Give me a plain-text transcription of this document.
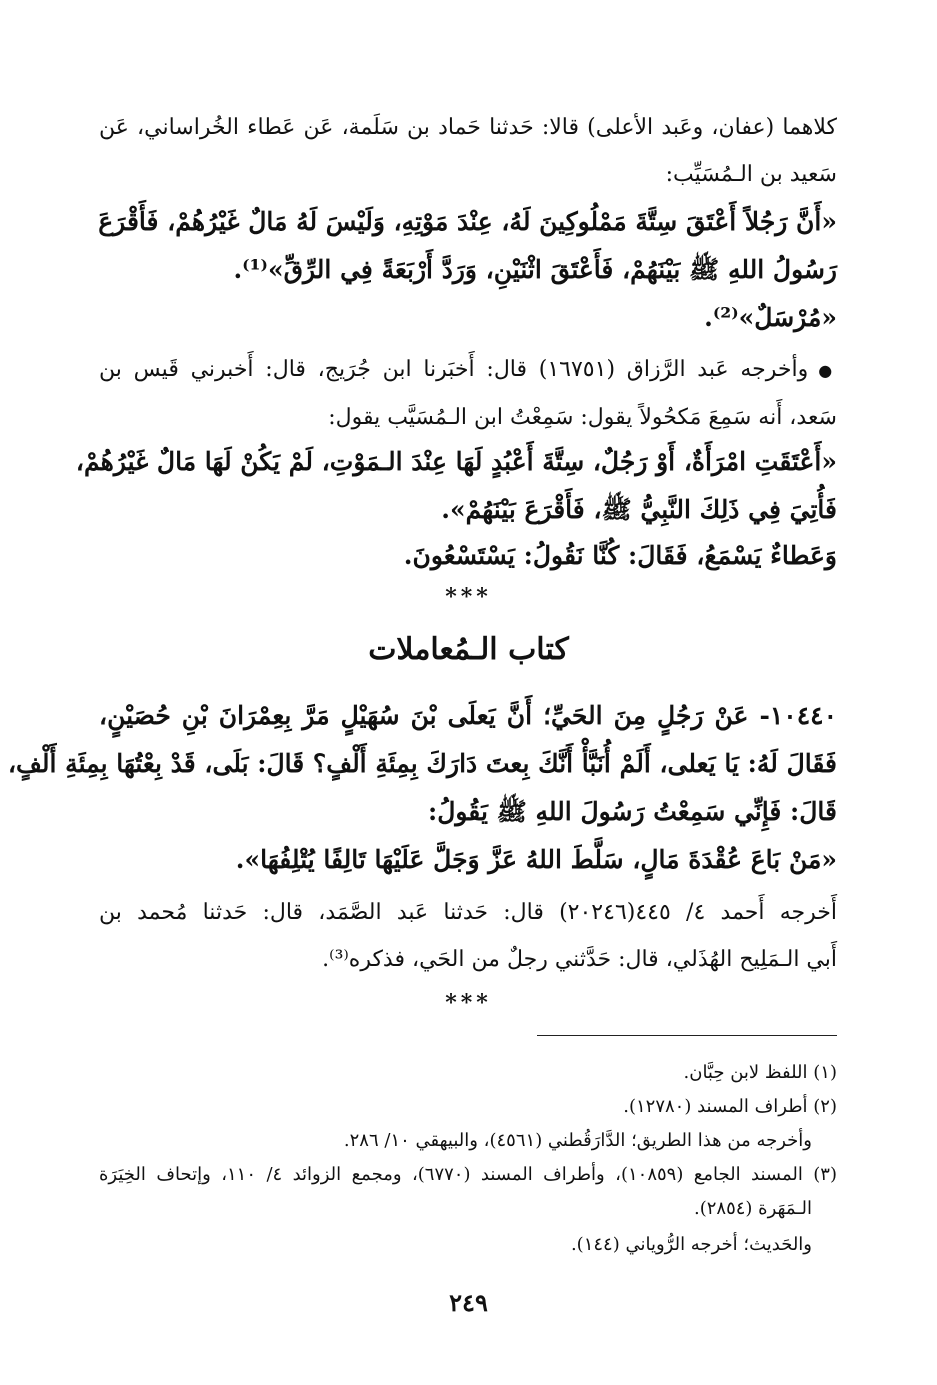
كلاهما (عفان، وعَبد الأعلى) قالا: حَدثنا حَماد بن سَلَمة، عَن عَطاء الخُراساني، عَن
سَعيد بن الـمُسَيِّب:
«أَنَّ رَجُلاً أَعْتَقَ سِتَّةَ مَمْلُوكِينَ لَهُ، عِنْدَ مَوْتِهِ، وَلَيْسَ لَهُ مَالٌ غَيْرُهُمْ، فَأَقْرَعَ
رَسُولُ اللهِ ﷺ بَيْنَهُمْ، فَأَعْتَقَ اثْنَيْنِ، وَرَدَّ أَرْبَعَةً فِي الرِّقِّ»⁽¹⁾.
«مُرْسَلٌ»⁽²⁾.
●وأخرجه عَبد الرَّزاق (١٦٧٥١) قال: أَخبَرنا ابن جُرَيج، قال: أَخبرني قَيس بن
سَعد، أَنه سَمِعَ مَكحُولاً يقول: سَمِعْتُ ابن الـمُسَيَّب يقول:
«أَعْتَقَتِ امْرَأَةٌ، أَوْ رَجُلٌ، سِتَّةَ أَعْبُدٍ لَهَا عِنْدَ الـمَوْتِ، لَمْ يَكُنْ لَهَا مَالٌ غَيْرُهُمْ،
فَأُتِيَ فِي ذَلِكَ النَّبِيُّ ﷺ، فَأَقْرَعَ بَيْنَهُمْ».
وَعَطاءٌ يَسْمَعُ، فَقَالَ: كُنَّا نَقُولُ: يَسْتَسْعُونَ.
***
كتاب الـمُعاملات
١٠٤٤٠- عَنْ رَجُلٍ مِنَ الحَيِّ؛ أَنَّ يَعلَى بْنَ سُهَيْلٍ مَرَّ بِعِمْرَانَ بْنِ حُصَيْنٍ،
فَقَالَ لَهُ: يَا يَعلى، أَلَمْ أُنَبَّأْ أَنَّكَ بِعتَ دَارَكَ بِمِئَةِ أَلْفٍ؟ قَالَ: بَلَى، قَدْ بِعْتُهَا بِمِئَةِ أَلْفٍ،
قَالَ: فَإِنِّي سَمِعْتُ رَسُولَ اللهِ ﷺ يَقُولُ:
«مَنْ بَاعَ عُقْدَةَ مَالٍ، سَلَّطَ اللهُ عَزَّ وَجَلَّ عَلَيْهَا تَالِفًا يُتْلِفُهَا».
أَخرجه أَحمد ٤/ ٤٤٥(٢٠٢٤٦) قال: حَدثنا عَبد الصَّمَد، قال: حَدثنا مُحمد بن
أَبي الـمَلِيح الهُذَلي، قال: حَدَّثني رجلٌ من الحَي، فذكره⁽³⁾.
***
(١) اللفظ لابن حِبَّان.
(٢) أطراف المسند (١٢٧٨٠).
وأخرجه من هذا الطريق؛ الدَّارَقُطني (٤٥٦١)، والبيهقي ١٠/ ٢٨٦.
(٣) المسند الجامع (١٠٨٥٩)، وأطراف المسند (٦٧٧٠)، ومجمع الزوائد ٤/ ١١٠، وإتحاف الخِيَرَة
الـمَهَرة (٢٨٥٤).
والحَديث؛ أخرجه الرُّوياني (١٤٤).
٢٤٩
